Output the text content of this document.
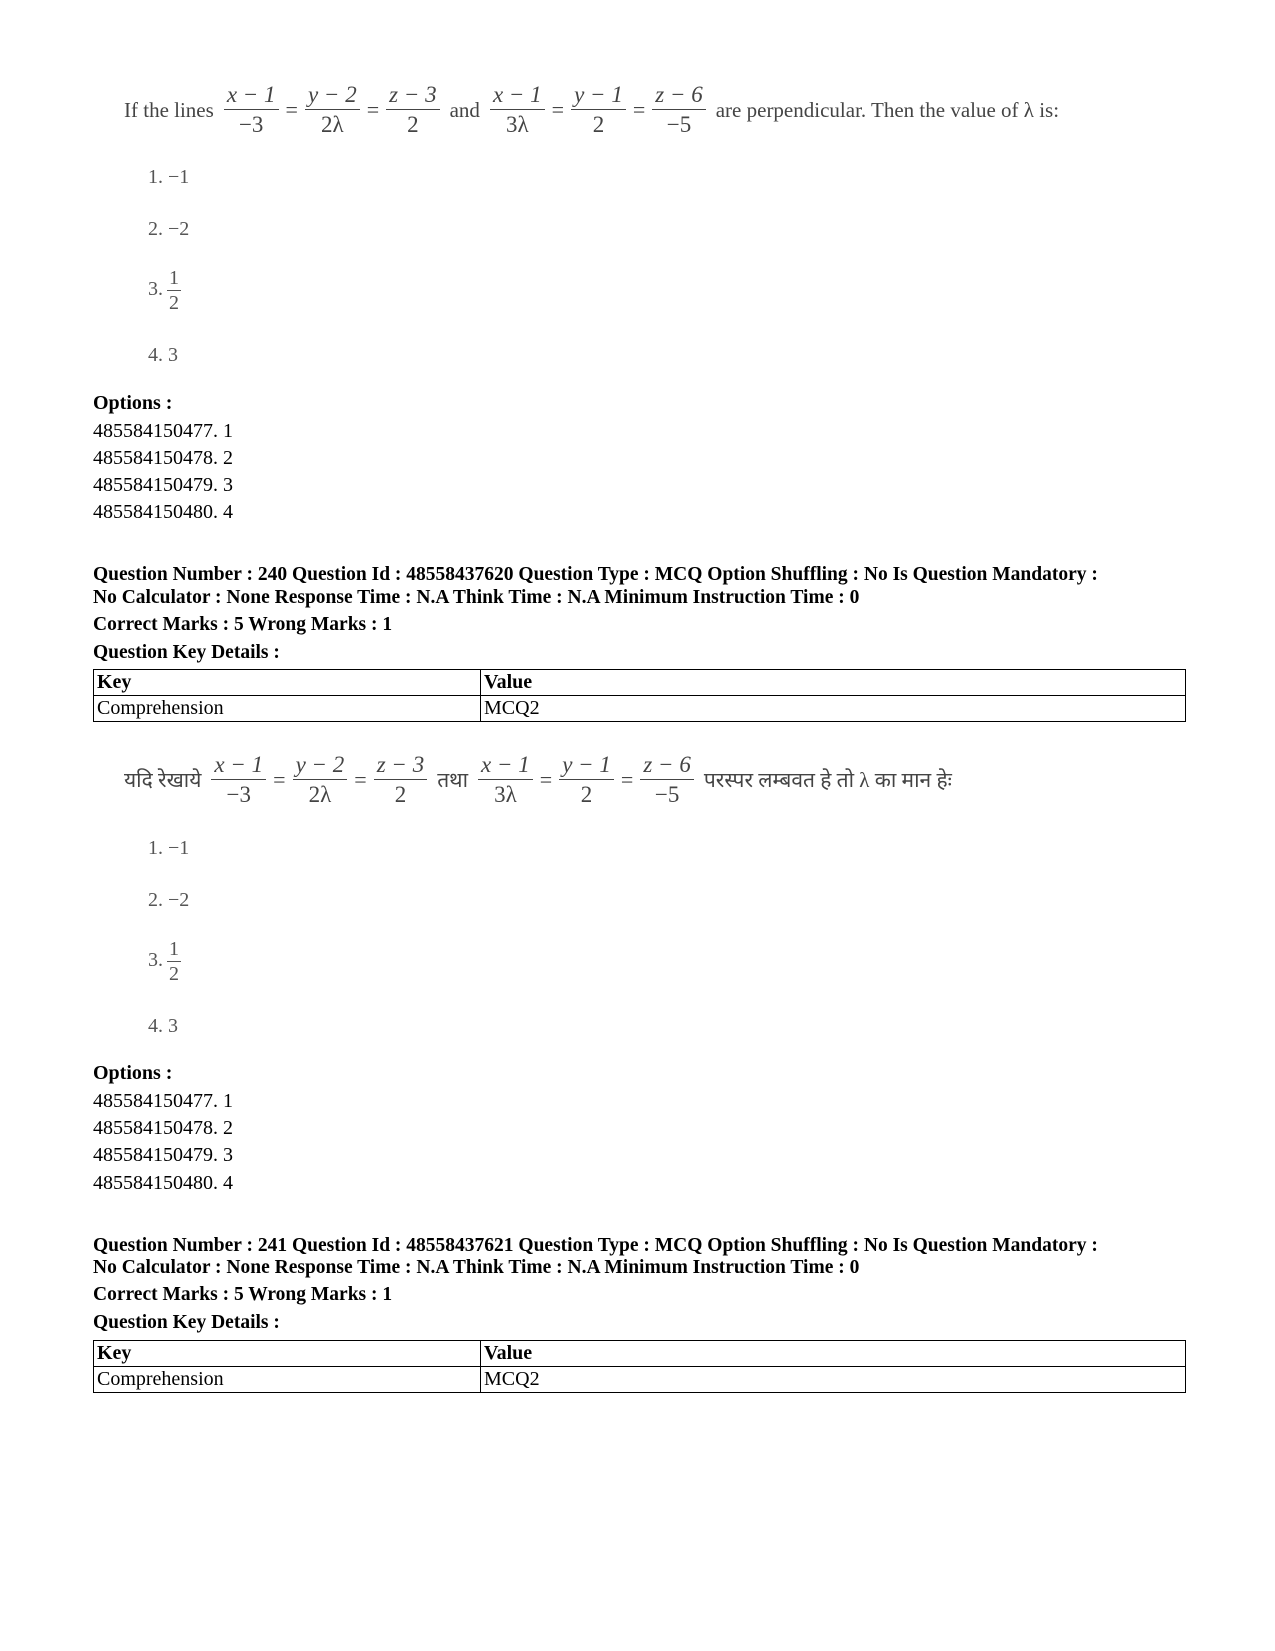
If the lines $\frac{x - 1}{-3} = \frac{y - 2}{2\lambda} = \frac{z - 3}{2}$ and $\frac{x - 1}{3\lambda} = \frac{y - 1}{2} = \frac{z - 6}{-5}$ are perpendicular. Then the value of λ is:
1. −1
2. −2
3. $\frac{1}{2}$
4. 3
Options :
485584150477. 1
485584150478. 2
485584150479. 3
485584150480. 4
Question Number : 240 Question Id : 48558437620 Question Type : MCQ Option Shuffling : No Is Question Mandatory :
No Calculator : None Response Time : N.A Think Time : N.A Minimum Instruction Time : 0
Correct Marks : 5 Wrong Marks : 1
Question Key Details :
Key	Value
Comprehension	MCQ2
यदि रेखाये $\frac{x - 1}{-3} = \frac{y - 2}{2\lambda} = \frac{z - 3}{2}$ तथा $\frac{x - 1}{3\lambda} = \frac{y - 1}{2} = \frac{z - 6}{-5}$ परस्पर लम्बवत हे तो λ का मान हेः
1. −1
2. −2
3. $\frac{1}{2}$
4. 3
Options :
485584150477. 1
485584150478. 2
485584150479. 3
485584150480. 4
Question Number : 241 Question Id : 48558437621 Question Type : MCQ Option Shuffling : No Is Question Mandatory :
No Calculator : None Response Time : N.A Think Time : N.A Minimum Instruction Time : 0
Correct Marks : 5 Wrong Marks : 1
Question Key Details :
Key	Value
Comprehension	MCQ2
